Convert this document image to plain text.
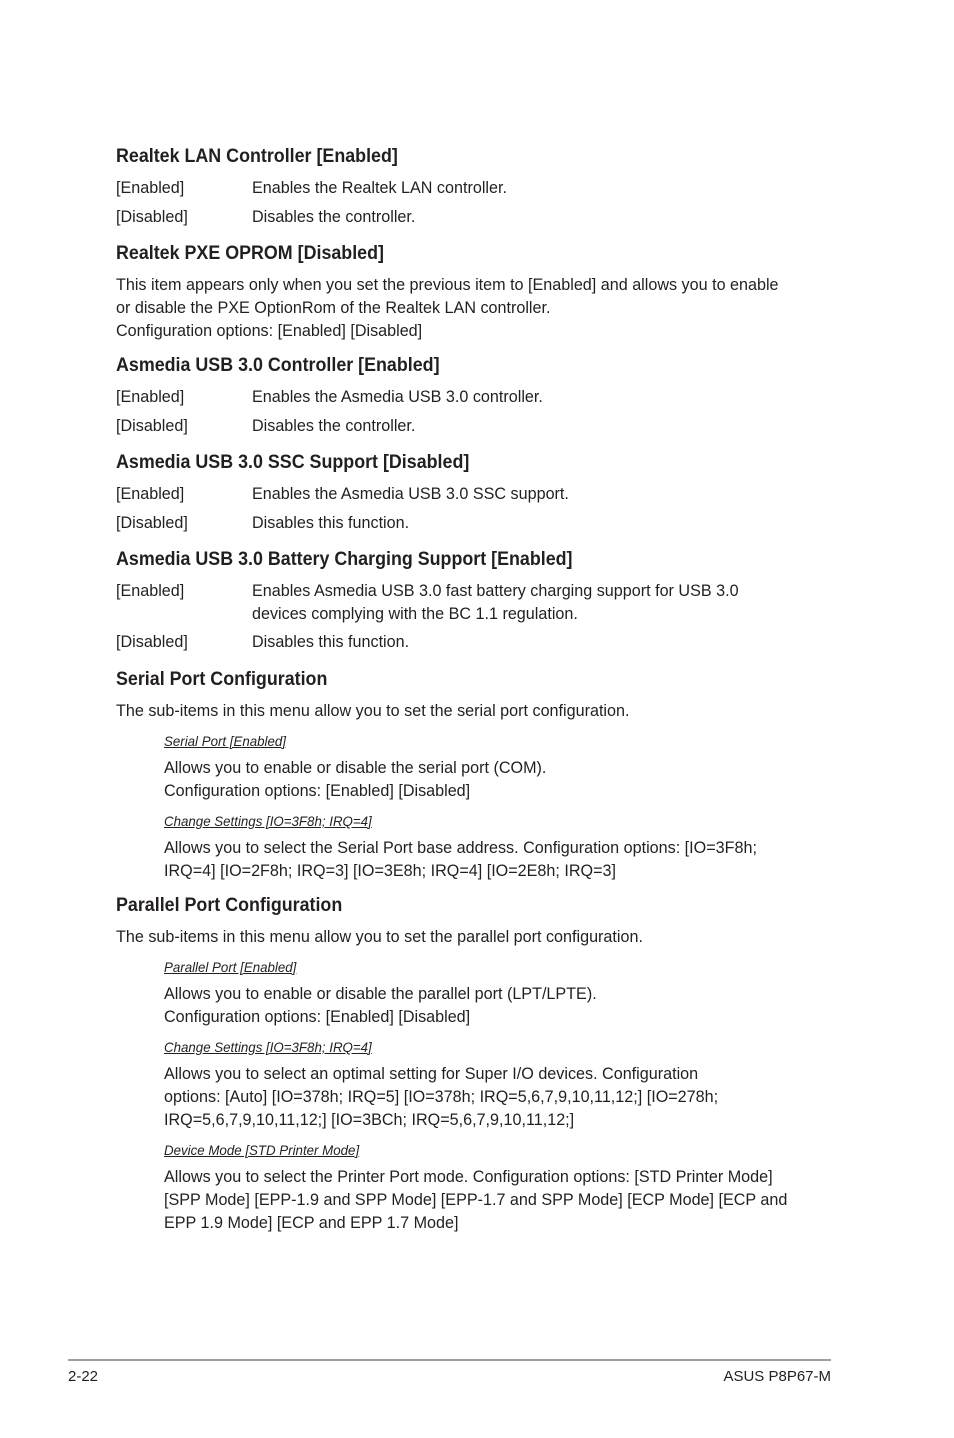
Realtek LAN Controller [Enabled]
[Enabled]	Enables the Realtek LAN controller.
[Disabled]	Disables the controller.
Realtek PXE OPROM [Disabled]
This item appears only when you set the previous item to [Enabled] and allows you to enable
or disable the PXE OptionRom of the Realtek LAN controller.
Configuration options: [Enabled] [Disabled]
Asmedia USB 3.0 Controller [Enabled]
[Enabled]	Enables the Asmedia USB 3.0 controller.
[Disabled]	Disables the controller.
Asmedia USB 3.0 SSC Support [Disabled]
[Enabled]	Enables the Asmedia USB 3.0 SSC support.
[Disabled]	Disables this function.
Asmedia USB 3.0 Battery Charging Support [Enabled]
[Enabled]	Enables Asmedia USB 3.0 fast battery charging support for USB 3.0
devices complying with the BC 1.1 regulation.
[Disabled]	Disables this function.
Serial Port Configuration
The sub-items in this menu allow you to set the serial port configuration.
Serial Port [Enabled]
Allows you to enable or disable the serial port (COM).
Configuration options: [Enabled] [Disabled]
Change Settings [IO=3F8h; IRQ=4]
Allows you to select the Serial Port base address. Configuration options: [IO=3F8h;
IRQ=4] [IO=2F8h; IRQ=3] [IO=3E8h; IRQ=4] [IO=2E8h; IRQ=3]
Parallel Port Configuration
The sub-items in this menu allow you to set the parallel port configuration.
Parallel Port [Enabled]
Allows you to enable or disable the parallel port (LPT/LPTE).
Configuration options: [Enabled] [Disabled]
Change Settings [IO=3F8h; IRQ=4]
Allows you to select an optimal setting for Super I/O devices. Configuration
options: [Auto] [IO=378h; IRQ=5] [IO=378h; IRQ=5,6,7,9,10,11,12;] [IO=278h;
IRQ=5,6,7,9,10,11,12;] [IO=3BCh; IRQ=5,6,7,9,10,11,12;]
Device Mode [STD Printer Mode]
Allows you to select the Printer Port mode. Configuration options: [STD Printer Mode]
[SPP Mode] [EPP-1.9 and SPP Mode] [EPP-1.7 and SPP Mode] [ECP Mode] [ECP and
EPP 1.9 Mode] [ECP and EPP 1.7 Mode]
2-22	ASUS P8P67-M
